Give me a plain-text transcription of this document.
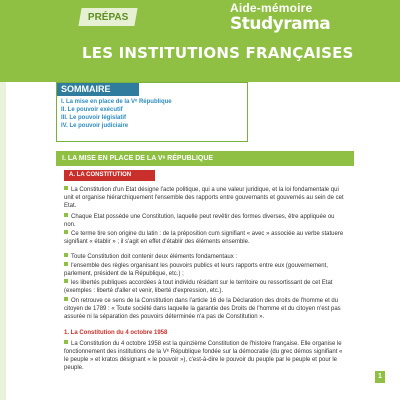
PRÉPAS
Aide-mémoire
Studyrama
LES INSTITUTIONS FRANÇAISES
SOMMAIRE
I. La mise en place de la Vᵉ République
II. Le pouvoir exécutif
III. Le pouvoir législatif
IV. Le pouvoir judiciaire
I. LA MISE EN PLACE DE LA Vᵉ RÉPUBLIQUE
A. LA CONSTITUTION
La Constitution d'un Etat désigne l'acte politique, qui a une valeur juridique, et la loi fondamentale qui unit et organise hiérarchiquement l'ensemble des rapports entre gouvernants et gouvernés au sein de cet Etat.
Chaque Etat possède une Constitution, laquelle peut revêtir des formes diverses, être appliquée ou non.
Ce terme tire son origine du latin : de la préposition cum signifiant « avec » associée au verbe statuere signifiant « établir » ; il s'agit en effet d'établir des éléments ensemble.
Toute Constitution doit contenir deux éléments fondamentaux :
l'ensemble des règles organisant les pouvoirs publics et leurs rapports entre eux (gouvernement, parlement, président de la République, etc.) ;
les libertés publiques accordées à tout individu résidant sur le territoire ou ressortissant de cet Etat (exemples : liberté d'aller et venir, liberté d'expression, etc.).
On retrouve ce sens de la Constitution dans l'article 16 de la Déclaration des droits de l'homme et du citoyen de 1789 : « Toute société dans laquelle la garantie des Droits de l'homme et du citoyen n'est pas assurée ni la séparation des pouvoirs déterminée n'a pas de Constitution ».
1. La Constitution du 4 octobre 1958
La Constitution du 4 octobre 1958 est la quinzième Constitution de l'histoire française. Elle organise le fonctionnement des institutions de la Vᵉ République fondée sur la démocratie (du grec démos signifiant « le peuple » et kratos désignant « le pouvoir »), c'est-à-dire le pouvoir du peuple par le peuple et pour le peuple.
1
